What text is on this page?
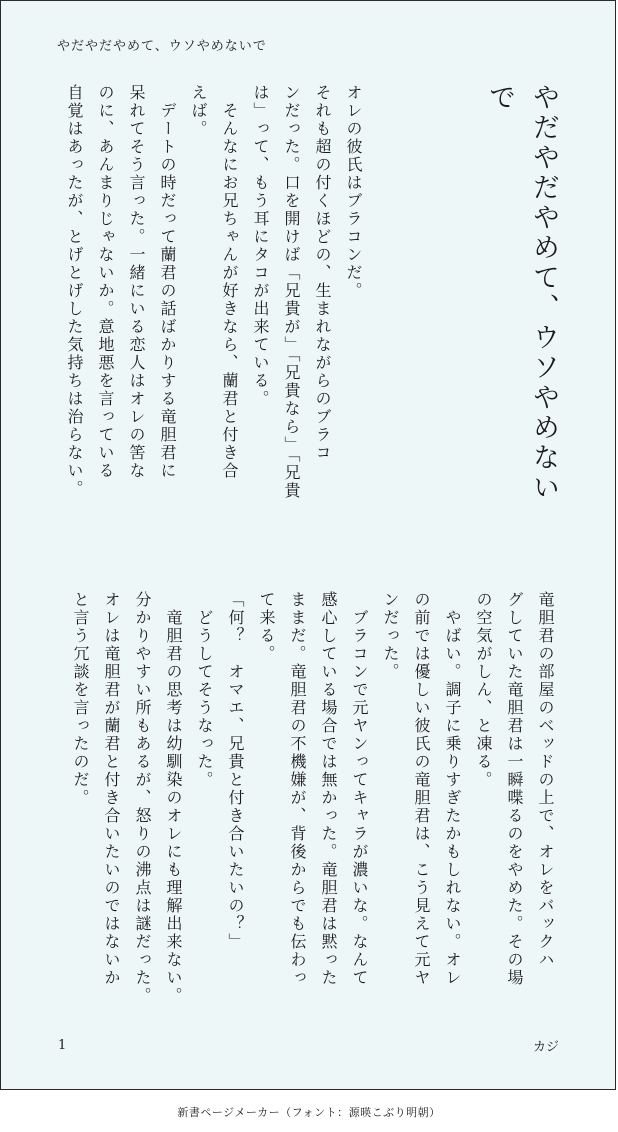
やだやだやめて、ウソやめないで
やだやだやめて、ウソやめない
で
オレの彼氏はブラコンだ。
それも超の付くほどの、生まれながらのブラコ
ンだった。口を開けば「兄貴が」「兄貴なら」「兄貴
は」って、もう耳にタコが出来ている。
　そんなにお兄ちゃんが好きなら、蘭君と付き合
えば。
　デートの時だって蘭君の話ばかりする竜胆君に
呆れてそう言った。一緒にいる恋人はオレの筈な
のに、あんまりじゃないか。意地悪を言っている
自覚はあったが、とげとげした気持ちは治らない。
竜胆君の部屋のベッドの上で、オレをバックハ
グしていた竜胆君は一瞬喋るのをやめた。その場
の空気がしん、と凍る。
　やばい。調子に乗りすぎたかもしれない。オレ
の前では優しい彼氏の竜胆君は、こう見えて元ヤ
ンだった。
　ブラコンで元ヤンってキャラが濃いな。なんて
感心している場合では無かった。竜胆君は黙った
ままだ。竜胆君の不機嫌が、背後からでも伝わっ
て来る。
「何？　オマエ、兄貴と付き合いたいの？」
　どうしてそうなった。
　竜胆君の思考は幼馴染のオレにも理解出来ない。
分かりやすい所もあるが、怒りの沸点は謎だった。
オレは竜胆君が蘭君と付き合いたいのではないか
と言う冗談を言ったのだ。
1	カジ
新書ページメーカー（フォント：源暎こぶり明朝）
